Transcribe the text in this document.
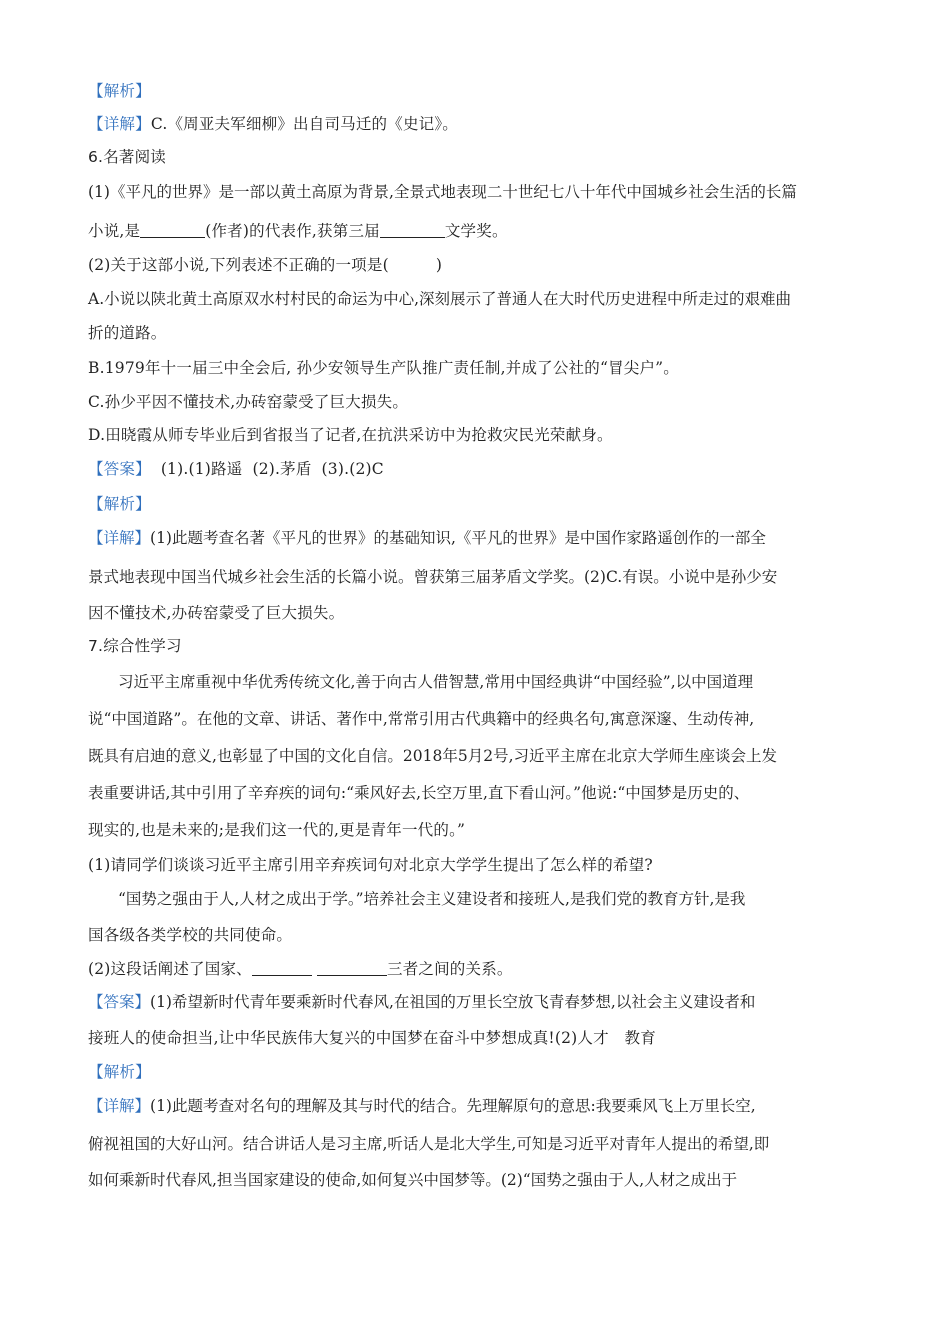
【解析】
【详解】C.《周亚夫军细柳》出自司马迁的《史记》。
6.名著阅读
(1)《平凡的世界》是一部以黄土高原为背景,全景式地表现二十世纪七八十年代中国城乡社会生活的长篇
小说,是	(作者)的代表作,获第三届	文学奖。
(2)关于这部小说,下列表述不正确的一项是(　　　)
A.小说以陕北黄土高原双水村村民的命运为中心,深刻展示了普通人在大时代历史进程中所走过的艰难曲
折的道路。
B.1979年十一届三中全会后, 孙少安领导生产队推广责任制,并成了公社的“冒尖户”。
C.孙少平因不懂技术,办砖窑蒙受了巨大损失。
D.田晓霞从师专毕业后到省报当了记者,在抗洪采访中为抢救灾民光荣献身。
【答案】 (1).(1)路遥 (2).茅盾 (3).(2)C
【解析】
【详解】(1)此题考查名著《平凡的世界》的基础知识,《平凡的世界》是中国作家路遥创作的一部全
景式地表现中国当代城乡社会生活的长篇小说。曾获第三届茅盾文学奖。(2)C.有误。小说中是孙少安
因不懂技术,办砖窑蒙受了巨大损失。
7.综合性学习
习近平主席重视中华优秀传统文化,善于向古人借智慧,常用中国经典讲“中国经验”,以中国道理
说“中国道路”。在他的文章、讲话、著作中,常常引用古代典籍中的经典名句,寓意深邃、生动传神,
既具有启迪的意义,也彰显了中国的文化自信。2018年5月2号,习近平主席在北京大学师生座谈会上发
表重要讲话,其中引用了辛弃疾的词句:“乘风好去,长空万里,直下看山河。”他说:“中国梦是历史的、
现实的,也是未来的;是我们这一代的,更是青年一代的。”
(1)请同学们谈谈习近平主席引用辛弃疾词句对北京大学学生提出了怎么样的希望?
“国势之强由于人,人材之成出于学。”培养社会主义建设者和接班人,是我们党的教育方针,是我
国各级各类学校的共同使命。
(2)这段话阐述了国家、	三者之间的关系。
【答案】(1)希望新时代青年要乘新时代春风,在祖国的万里长空放飞青春梦想,以社会主义建设者和
接班人的使命担当,让中华民族伟大复兴的中国梦在奋斗中梦想成真!(2)人才　教育
【解析】
【详解】(1)此题考查对名句的理解及其与时代的结合。先理解原句的意思:我要乘风飞上万里长空,
俯视祖国的大好山河。结合讲话人是习主席,听话人是北大学生,可知是习近平对青年人提出的希望,即
如何乘新时代春风,担当国家建设的使命,如何复兴中国梦等。(2)“国势之强由于人,人材之成出于
